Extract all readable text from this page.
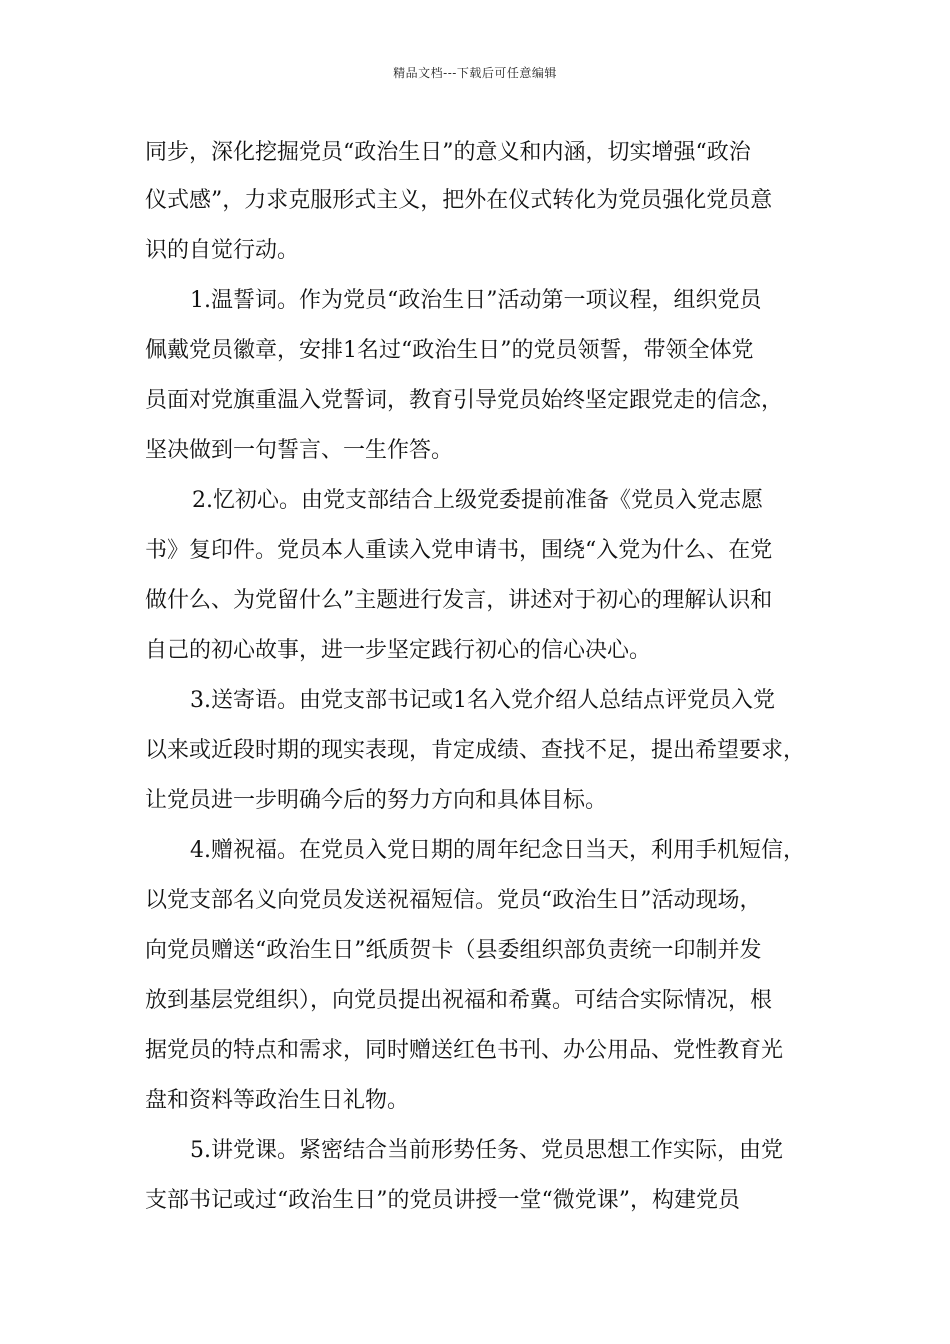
精品文档---下载后可任意编辑
同步，深化挖掘党员“政治生日”的意义和内涵，切实增强“政治
仪式感”，力求克服形式主义，把外在仪式转化为党员强化党员意
识的自觉行动。
1.温誓词。作为党员“政治生日”活动第一项议程，组织党员
佩戴党员徽章，安排1名过“政治生日”的党员领誓，带领全体党
员面对党旗重温入党誓词，教育引导党员始终坚定跟党走的信念，
坚决做到一句誓言、一生作答。
2.忆初心。由党支部结合上级党委提前准备《党员入党志愿
书》复印件。党员本人重读入党申请书，围绕“入党为什么、在党
做什么、为党留什么”主题进行发言，讲述对于初心的理解认识和
自己的初心故事，进一步坚定践行初心的信心决心。
3.送寄语。由党支部书记或1名入党介绍人总结点评党员入党
以来或近段时期的现实表现，肯定成绩、查找不足，提出希望要求，
让党员进一步明确今后的努力方向和具体目标。
4.赠祝福。在党员入党日期的周年纪念日当天，利用手机短信，
以党支部名义向党员发送祝福短信。党员“政治生日”活动现场，
向党员赠送“政治生日”纸质贺卡（县委组织部负责统一印制并发
放到基层党组织），向党员提出祝福和希冀。可结合实际情况，根
据党员的特点和需求，同时赠送红色书刊、办公用品、党性教育光
盘和资料等政治生日礼物。
5.讲党课。紧密结合当前形势任务、党员思想工作实际，由党
支部书记或过“政治生日”的党员讲授一堂“微党课”，构建党员
